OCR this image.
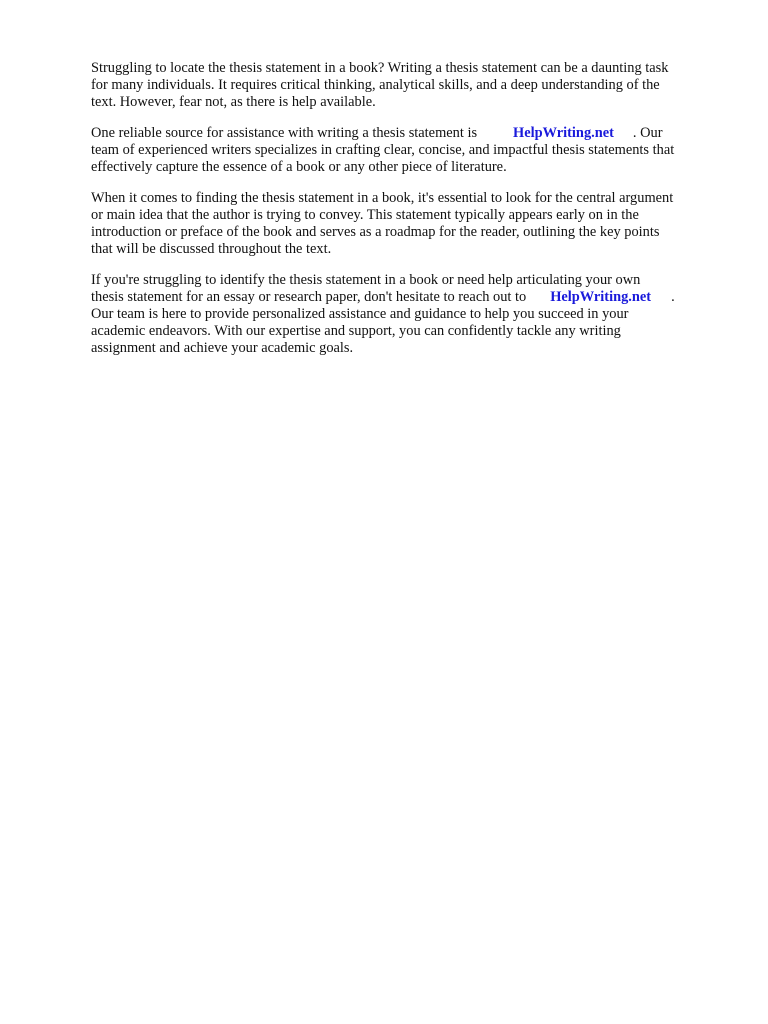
Struggling to locate the thesis statement in a book? Writing a thesis statement can be a daunting task
for many individuals. It requires critical thinking, analytical skills, and a deep understanding of the
text. However, fear not, as there is help available.
One reliable source for assistance with writing a thesis statement is	HelpWriting.net . Our
team of experienced writers specializes in crafting clear, concise, and impactful thesis statements that
effectively capture the essence of a book or any other piece of literature.
When it comes to finding the thesis statement in a book, it's essential to look for the central argument
or main idea that the author is trying to convey. This statement typically appears early on in the
introduction or preface of the book and serves as a roadmap for the reader, outlining the key points
that will be discussed throughout the text.
If you're struggling to identify the thesis statement in a book or need help articulating your own
thesis statement for an essay or research paper, don't hesitate to reach out to HelpWriting.net .
Our team is here to provide personalized assistance and guidance to help you succeed in your
academic endeavors. With our expertise and support, you can confidently tackle any writing
assignment and achieve your academic goals.
